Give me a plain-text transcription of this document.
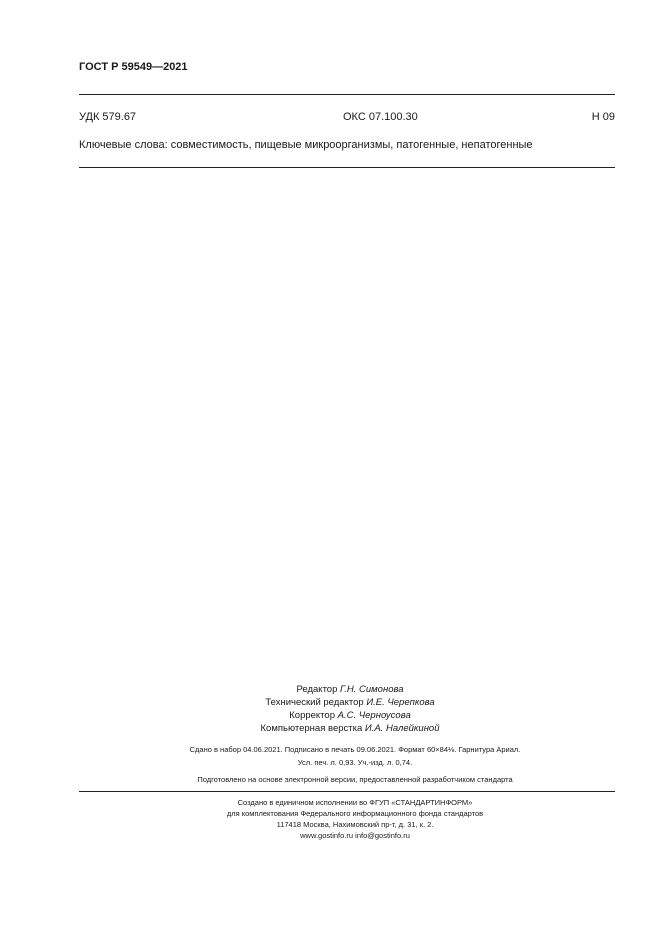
ГОСТ Р 59549—2021
УДК 579.67	ОКС 07.100.30	Н 09
Ключевые слова: совместимость, пищевые микроорганизмы, патогенные, непатогенные
Редактор Г.Н. Симонова
Технический редактор И.Е. Черепкова
Корректор А.С. Черноусова
Компьютерная верстка И.А. Налейкиной
Сдано в набор 04.06.2021. Подписано в печать 09.06.2021. Формат 60×84⅛. Гарнитура Ариал.
Усл. печ. л. 0,93. Уч.-изд. л. 0,74.
Подготовлено на основе электронной версии, предоставленной разработчиком стандарта
Создано в единичном исполнении во ФГУП «СТАНДАРТИНФОРМ»
для комплектования Федерального информационного фонда стандартов
117418 Москва, Нахимовский пр-т, д. 31, к. 2.
www.gostinfo.ru info@gostinfo.ru
